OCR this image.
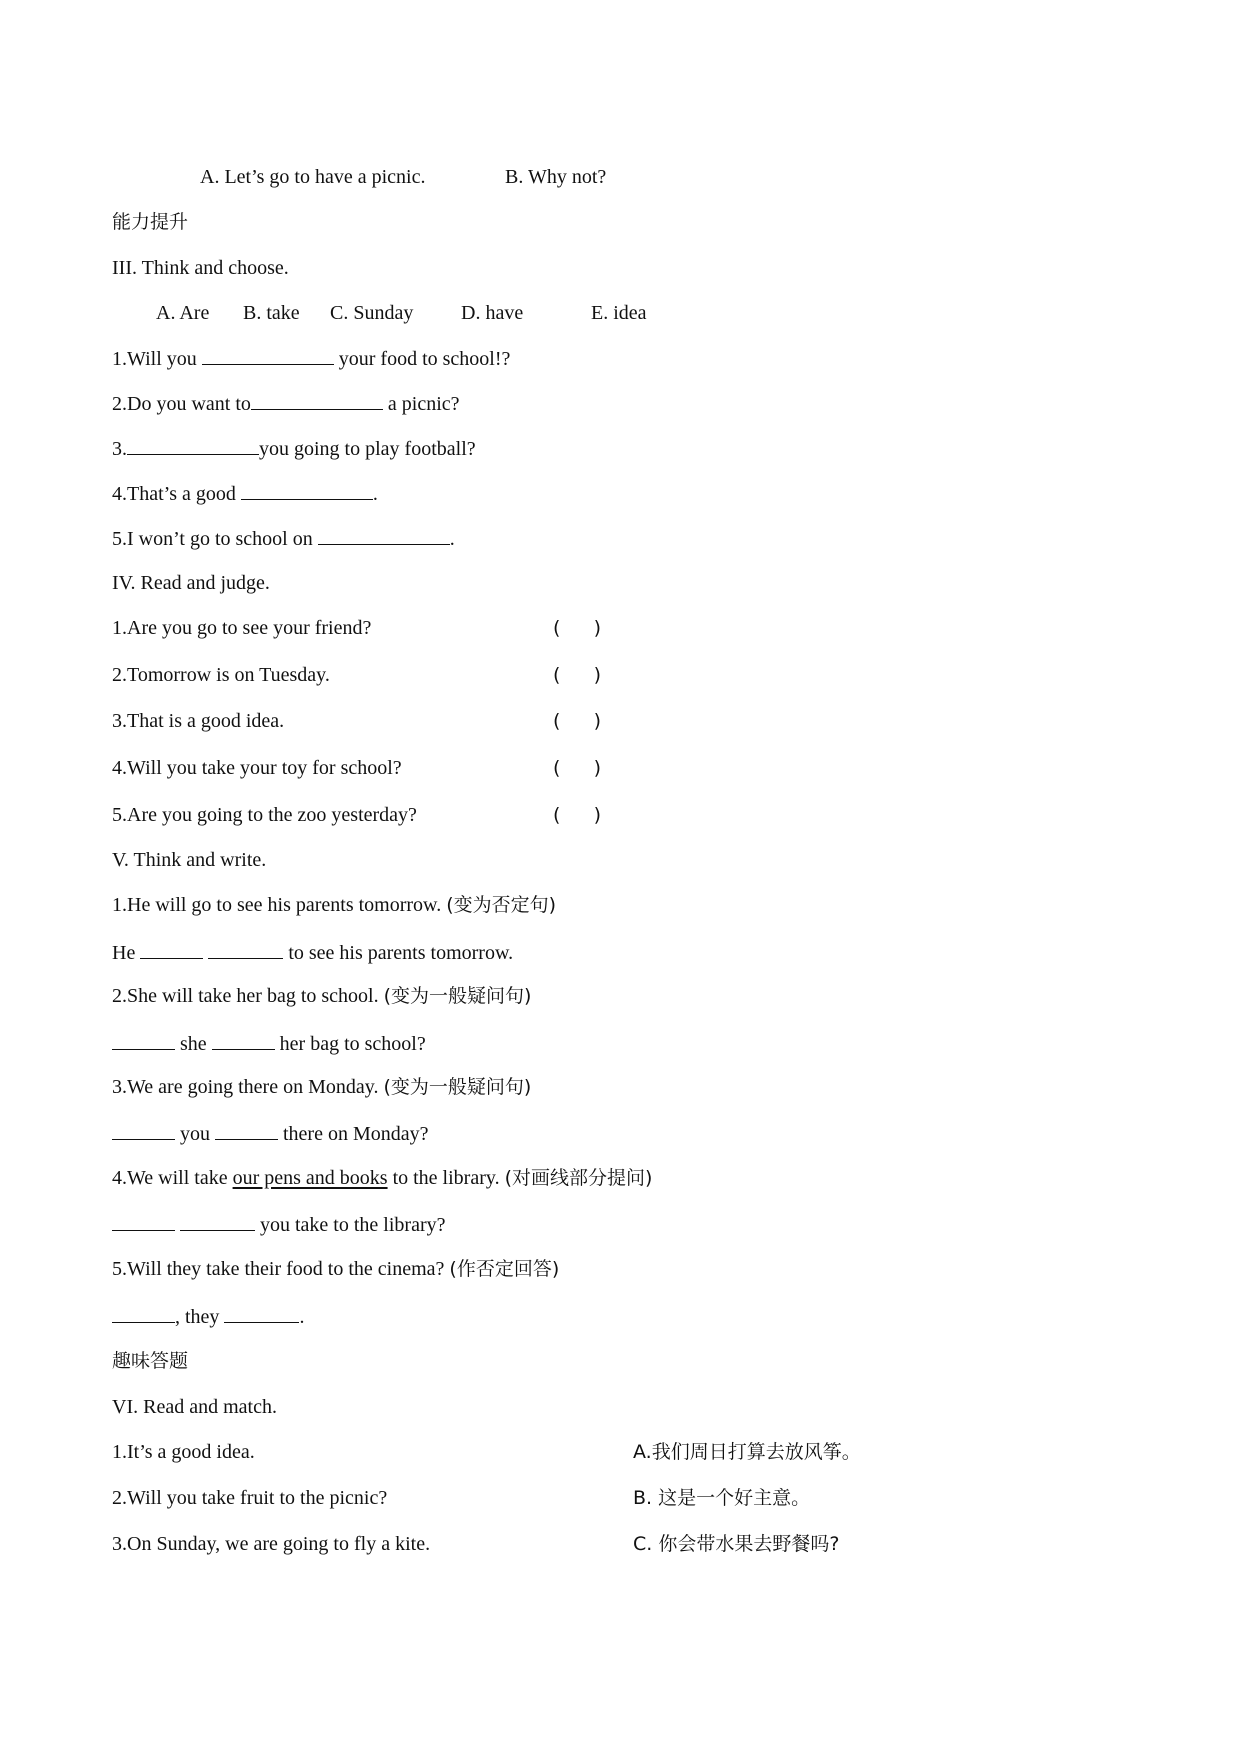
A. Let’s go to have a picnic.	B. Why not?
能力提升
III. Think and choose.
A. Are B. take C. Sunday D. have	E. idea
1.Will you	your food to school!?
2.Do you want to	a picnic?
3.	you going to play football?
4.That’s a good	.
5.I won’t go to school on	.
IV. Read and judge.
1.Are you go to see your friend?	( )
2.Tomorrow is on Tuesday.	( )
3.That is a good idea.	( )
4.Will you take your toy for school?	( )
5.Are you going to the zoo yesterday?	( )
V. Think and write.
1.He will go to see his parents tomorrow. (变为否定句)
He	to see his parents tomorrow.
2.She will take her bag to school. (变为一般疑问句)
she	her bag to school?
3.We are going there on Monday. (变为一般疑问句)
you	there on Monday?
4.We will take our pens and books to the library. (对画线部分提问)
you take to the library?
5.Will they take their food to the cinema? (作否定回答)
, they	.
趣味答题
VI. Read and match.
1.It’s a good idea.	A.我们周日打算去放风筝。
2.Will you take fruit to the picnic?	B. 这是一个好主意。
3.On Sunday, we are going to fly a kite.	C. 你会带水果去野餐吗?
